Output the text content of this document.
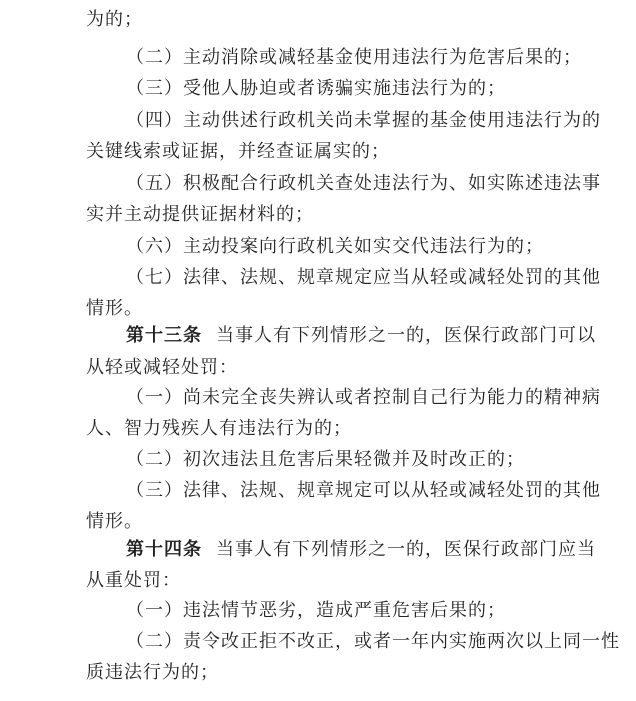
为的；
（二）主动消除或减轻基金使用违法行为危害后果的；
（三）受他人胁迫或者诱骗实施违法行为的；
（四）主动供述行政机关尚未掌握的基金使用违法行为的
关键线索或证据，并经查证属实的；
（五）积极配合行政机关查处违法行为、如实陈述违法事
实并主动提供证据材料的；
（六）主动投案向行政机关如实交代违法行为的；
（七）法律、法规、规章规定应当从轻或减轻处罚的其他
情形。
第十三条 当事人有下列情形之一的，医保行政部门可以
从轻或减轻处罚：
（一）尚未完全丧失辨认或者控制自己行为能力的精神病
人、智力残疾人有违法行为的；
（二）初次违法且危害后果轻微并及时改正的；
（三）法律、法规、规章规定可以从轻或减轻处罚的其他
情形。
第十四条 当事人有下列情形之一的，医保行政部门应当
从重处罚：
（一）违法情节恶劣，造成严重危害后果的；
（二）责令改正拒不改正，或者一年内实施两次以上同一性
质违法行为的；
